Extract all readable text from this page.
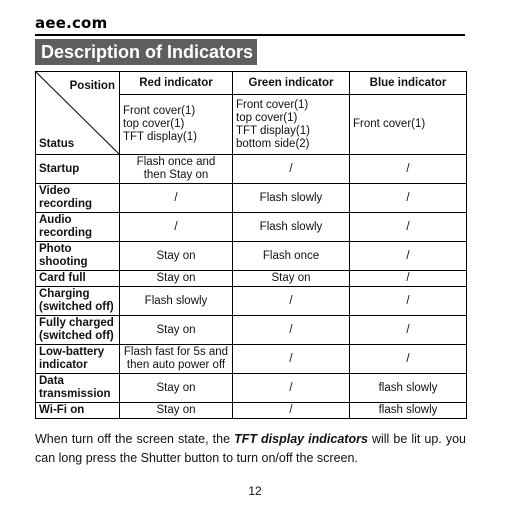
aee.com
Description of Indicators
Position
Status	Red indicator	Green indicator	Blue indicator
	Front cover(1)
top cover(1)
TFT display(1)	Front cover(1)
top cover(1)
TFT display(1)
bottom side(2)	Front cover(1)
Startup	Flash once and
then Stay on	/	/
Video
recording	/	Flash slowly	/
Audio
recording	/	Flash slowly	/
Photo
shooting	Stay on	Flash once	/
Card full	Stay on	Stay on	/
Charging
(switched off)	Flash slowly	/	/
Fully charged
(switched off)	Stay on	/	/
Low-battery
indicator	Flash fast for 5s and
then auto power off	/	/
Data
transmission	Stay on	/	flash slowly
Wi-Fi on	Stay on	/	flash slowly
When turn off the screen state, the TFT display indicators will be lit up. you can long press the Shutter button to turn on/off the screen.
12
